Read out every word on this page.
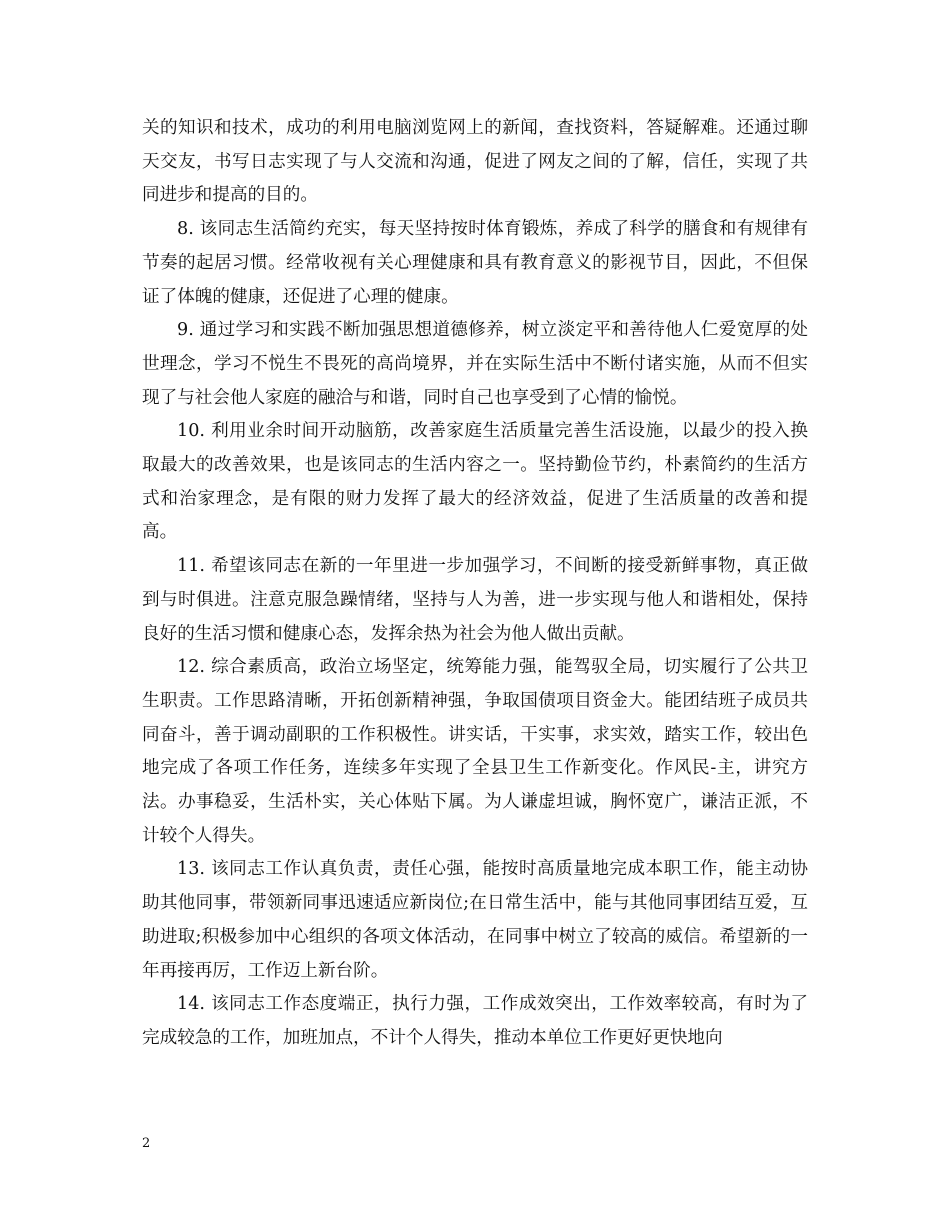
关的知识和技术，成功的利用电脑浏览网上的新闻，查找资料，答疑解难。还通过聊天交友，书写日志实现了与人交流和沟通，促进了网友之间的了解，信任，实现了共同进步和提高的目的。

8. 该同志生活简约充实，每天坚持按时体育锻炼，养成了科学的膳食和有规律有节奏的起居习惯。经常收视有关心理健康和具有教育意义的影视节目，因此，不但保证了体魄的健康，还促进了心理的健康。

9. 通过学习和实践不断加强思想道德修养，树立淡定平和善待他人仁爱宽厚的处世理念，学习不悦生不畏死的高尚境界，并在实际生活中不断付诸实施，从而不但实现了与社会他人家庭的融洽与和谐，同时自己也享受到了心情的愉悦。

10. 利用业余时间开动脑筋，改善家庭生活质量完善生活设施，以最少的投入换取最大的改善效果，也是该同志的生活内容之一。坚持勤俭节约，朴素简约的生活方式和治家理念，是有限的财力发挥了最大的经济效益，促进了生活质量的改善和提高。

11. 希望该同志在新的一年里进一步加强学习，不间断的接受新鲜事物，真正做到与时俱进。注意克服急躁情绪，坚持与人为善，进一步实现与他人和谐相处，保持良好的生活习惯和健康心态，发挥余热为社会为他人做出贡献。

12. 综合素质高，政治立场坚定，统筹能力强，能驾驭全局，切实履行了公共卫生职责。工作思路清晰，开拓创新精神强，争取国债项目资金大。能团结班子成员共同奋斗，善于调动副职的工作积极性。讲实话，干实事，求实效，踏实工作，较出色地完成了各项工作任务，连续多年实现了全县卫生工作新变化。作风民-主，讲究方法。办事稳妥，生活朴实，关心体贴下属。为人谦虚坦诚，胸怀宽广，谦洁正派，不计较个人得失。

13. 该同志工作认真负责，责任心强，能按时高质量地完成本职工作，能主动协助其他同事，带领新同事迅速适应新岗位;在日常生活中，能与其他同事团结互爱，互助进取;积极参加中心组织的各项文体活动，在同事中树立了较高的威信。希望新的一年再接再厉，工作迈上新台阶。

14. 该同志工作态度端正，执行力强，工作成效突出，工作效率较高，有时为了完成较急的工作，加班加点，不计个人得失，推动本单位工作更好更快地向

2
